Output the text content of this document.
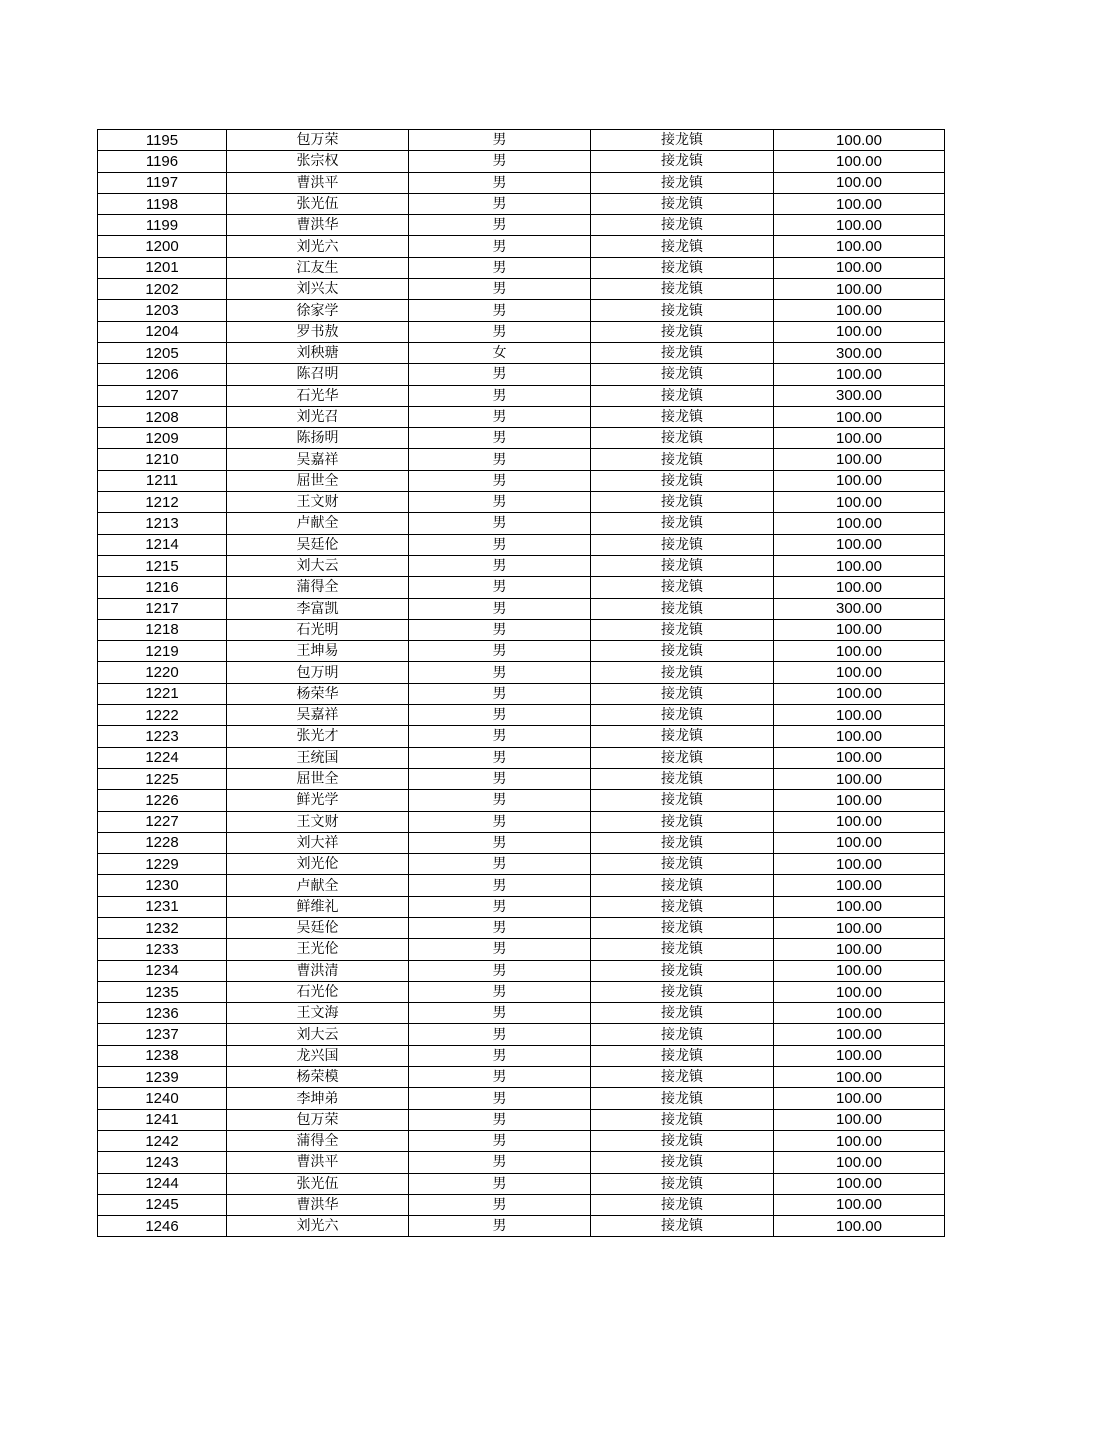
1195	包万荣	男	接龙镇	100.00
1196	张宗权	男	接龙镇	100.00
1197	曹洪平	男	接龙镇	100.00
1198	张光伍	男	接龙镇	100.00
1199	曹洪华	男	接龙镇	100.00
1200	刘光六	男	接龙镇	100.00
1201	江友生	男	接龙镇	100.00
1202	刘兴太	男	接龙镇	100.00
1203	徐家学	男	接龙镇	100.00
1204	罗书敖	男	接龙镇	100.00
1205	刘秧瑭	女	接龙镇	300.00
1206	陈召明	男	接龙镇	100.00
1207	石光华	男	接龙镇	300.00
1208	刘光召	男	接龙镇	100.00
1209	陈扬明	男	接龙镇	100.00
1210	吴嘉祥	男	接龙镇	100.00
1211	屈世全	男	接龙镇	100.00
1212	王文财	男	接龙镇	100.00
1213	卢献全	男	接龙镇	100.00
1214	吴廷伦	男	接龙镇	100.00
1215	刘大云	男	接龙镇	100.00
1216	蒲得全	男	接龙镇	100.00
1217	李富凯	男	接龙镇	300.00
1218	石光明	男	接龙镇	100.00
1219	王坤易	男	接龙镇	100.00
1220	包万明	男	接龙镇	100.00
1221	杨荣华	男	接龙镇	100.00
1222	吴嘉祥	男	接龙镇	100.00
1223	张光才	男	接龙镇	100.00
1224	王统国	男	接龙镇	100.00
1225	屈世全	男	接龙镇	100.00
1226	鲜光学	男	接龙镇	100.00
1227	王文财	男	接龙镇	100.00
1228	刘大祥	男	接龙镇	100.00
1229	刘光伦	男	接龙镇	100.00
1230	卢献全	男	接龙镇	100.00
1231	鲜维礼	男	接龙镇	100.00
1232	吴廷伦	男	接龙镇	100.00
1233	王光伦	男	接龙镇	100.00
1234	曹洪清	男	接龙镇	100.00
1235	石光伦	男	接龙镇	100.00
1236	王文海	男	接龙镇	100.00
1237	刘大云	男	接龙镇	100.00
1238	龙兴国	男	接龙镇	100.00
1239	杨荣模	男	接龙镇	100.00
1240	李坤弟	男	接龙镇	100.00
1241	包万荣	男	接龙镇	100.00
1242	蒲得全	男	接龙镇	100.00
1243	曹洪平	男	接龙镇	100.00
1244	张光伍	男	接龙镇	100.00
1245	曹洪华	男	接龙镇	100.00
1246	刘光六	男	接龙镇	100.00
